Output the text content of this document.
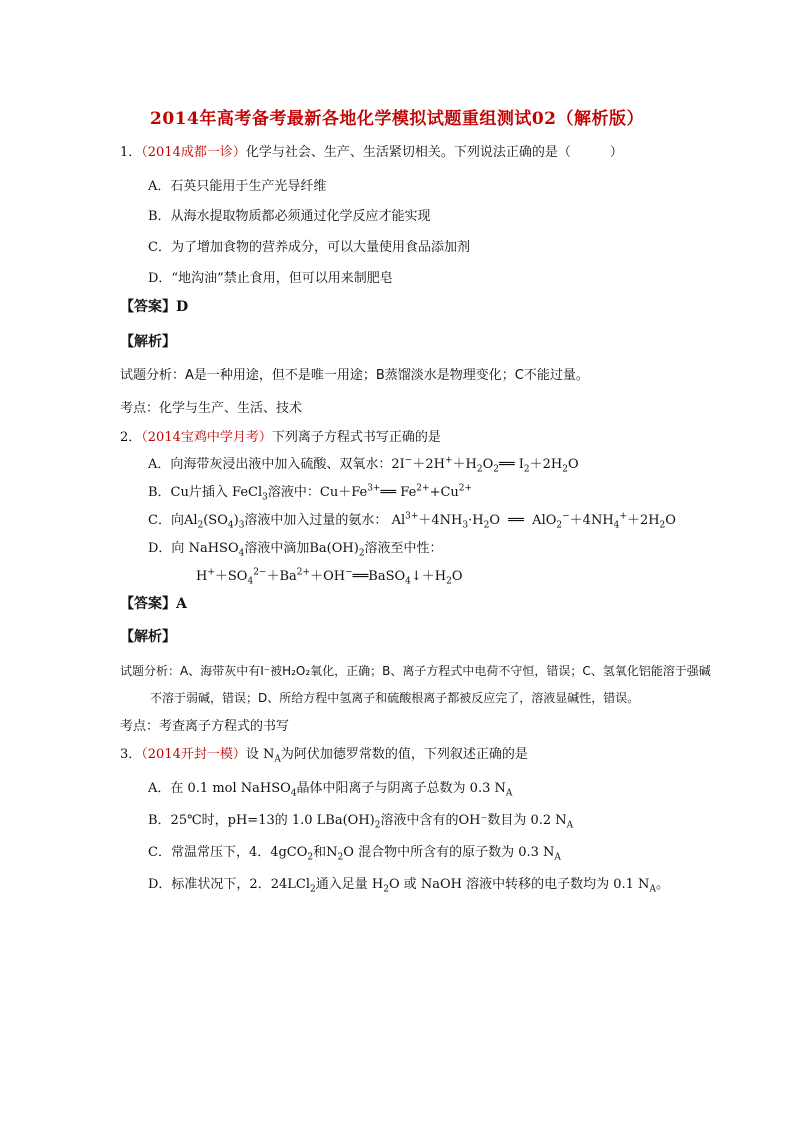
2014年高考备考最新各地化学模拟试题重组测试02（解析版）
1．（2014成都一诊）化学与社会、生产、生活紧切相关。下列说法正确的是（　　　）
A．石英只能用于生产光导纤维
B．从海水提取物质都必须通过化学反应才能实现
C．为了增加食物的营养成分，可以大量使用食品添加剂
D．“地沟油”禁止食用，但可以用来制肥皂
【答案】D
【解析】
试题分析：A是一种用途，但不是唯一用途；B蒸馏淡水是物理变化；C不能过量。
考点：化学与生产、生活、技术
2．（2014宝鸡中学月考）下列离子方程式书写正确的是
A．向海带灰浸出液中加入硫酸、双氧水：$2I^-+2H^++H_2O_2══$ $I_2+2H_2O$
B．Cu片插入 FeCl$_3$溶液中：$Cu+Fe^{3+}══$ $Fe^{2+}+Cu^{2+}$
C．向$Al_2(SO_4)_3$溶液中加入过量的氨水： $Al^{3+}+4NH_3\cdot H_2O$  ══  $AlO_2^-+4NH_4^++2H_2O$
D．向 NaHSO$_4$溶液中滴加$Ba(OH)_2$溶液至中性：
$H^++SO_4^{2-}+Ba^{2+}+OH^-══BaSO_4↓+H_2O$
【答案】A
【解析】
试题分析：A、海带灰中有I⁻被H₂O₂氧化，正确；B、离子方程式中电荷不守恒，错误；C、氢氧化铝能溶于强碱
不溶于弱碱，错误；D、所给方程中氢离子和硫酸根离子都被反应完了，溶液显碱性，错误。
考点：考查离子方程式的书写
3．（2014开封一模）设 $N_A$为阿伏加德罗常数的值，下列叙述正确的是
A．在 0.1 mol NaHSO$_4$晶体中阳离子与阴离子总数为 0.3 $N_A$
B．25℃时，pH=13的 1.0 $LBa(OH)_2$溶液中含有的OH⁻数目为 0.2 $N_A$
C．常温常压下，4．4gCO$_2$和$N_2O$ 混合物中所含有的原子数为 0.3 $N_A$
D．标准状况下，2．24LCl$_2$通入足量 $H_2O$ 或 NaOH 溶液中转移的电子数均为 0.1 $N_A$。
